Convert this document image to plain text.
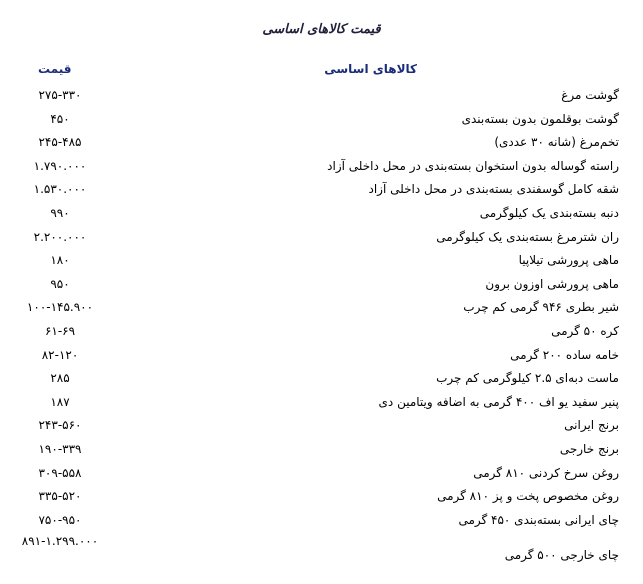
قیمت کالاهای اساسی
کالاهای اساسی
قیمت
گوشت مرغ
۲۷۵-۳۳۰
گوشت بوقلمون بدون بسته‌بندی
۴۵۰
تخم‌مرغ (شانه ۳۰ عددی)
۲۴۵-۴۸۵
راسته گوساله بدون استخوان بسته‌بندی در محل داخلی آزاد
۱.۷۹۰.۰۰۰
شقه کامل گوسفندی بسته‌بندی در محل داخلی آزاد
۱.۵۳۰.۰۰۰
دنبه بسته‌بندی یک کیلوگرمی
۹۹۰
ران شترمرغ بسته‌بندی یک کیلوگرمی
۲.۲۰۰.۰۰۰
ماهی پرورشی تیلاپیا
۱۸۰
ماهی پرورشی اوزون برون
۹۵۰
شیر بطری ۹۴۶ گرمی کم چرب
۱۰۰-۱۴۵.۹۰۰
کره ۵۰ گرمی
۶۱-۶۹
خامه ساده ۲۰۰ گرمی
۸۲-۱۲۰
ماست دبه‌ای ۲.۵ کیلوگرمی کم چرب
۲۸۵
پنیر سفید یو اف ۴۰۰ گرمی به اضافه ویتامین دی
۱۸۷
برنج ایرانی
۲۴۳-۵۶۰
برنج خارجی
۱۹۰-۳۳۹
روغن سرخ کردنی ۸۱۰ گرمی
۳۰۹-۵۵۸
روغن مخصوص پخت و پز ۸۱۰ گرمی
۳۳۵-۵۲۰
چای ایرانی بسته‌بندی ۴۵۰ گرمی
۷۵۰-۹۵۰
چای خارجی ۵۰۰ گرمی
۸۹۱-۱.۲۹۹.۰۰۰
